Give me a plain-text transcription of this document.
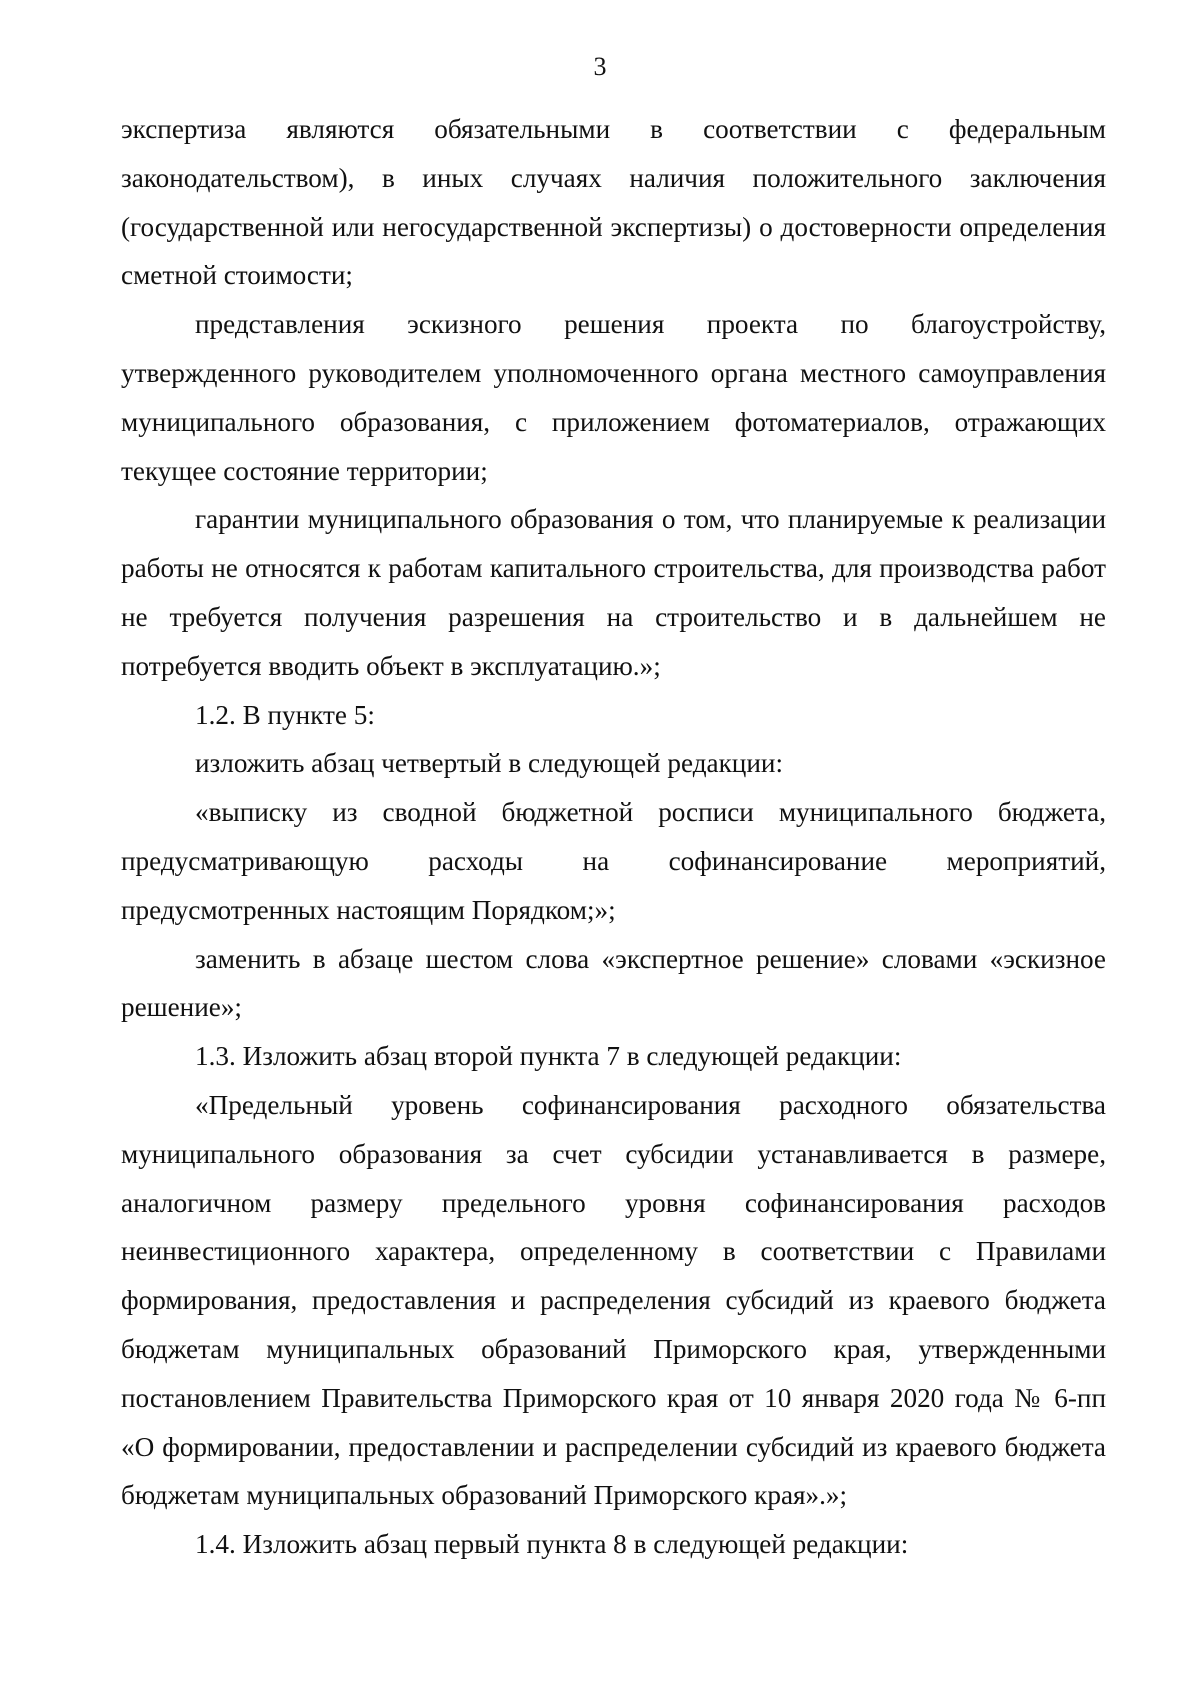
3

экспертиза являются обязательными в соответствии с федеральным законодательством), в иных случаях наличия положительного заключения (государственной или негосударственной экспертизы) о достоверности определения сметной стоимости;

представления эскизного решения проекта по благоустройству, утвержденного руководителем уполномоченного органа местного самоуправления муниципального образования, с приложением фотоматериалов, отражающих текущее состояние территории;

гарантии муниципального образования о том, что планируемые к реализации работы не относятся к работам капитального строительства, для производства работ не требуется получения разрешения на строительство и в дальнейшем не потребуется вводить объект в эксплуатацию.»;

1.2. В пункте 5:

изложить абзац четвертый в следующей редакции:

«выписку из сводной бюджетной росписи муниципального бюджета, предусматривающую расходы на софинансирование мероприятий, предусмотренных настоящим Порядком;»;

заменить в абзаце шестом слова «экспертное решение» словами «эскизное решение»;

1.3. Изложить абзац второй пункта 7 в следующей редакции:

«Предельный уровень софинансирования расходного обязательства муниципального образования за счет субсидии устанавливается в размере, аналогичном размеру предельного уровня софинансирования расходов неинвестиционного характера, определенному в соответствии с Правилами формирования, предоставления и распределения субсидий из краевого бюджета бюджетам муниципальных образований Приморского края, утвержденными постановлением Правительства Приморского края от 10 января 2020 года № 6-пп «О формировании, предоставлении и распределении субсидий из краевого бюджета бюджетам муниципальных образований Приморского края».»;

1.4. Изложить абзац первый пункта 8 в следующей редакции:
